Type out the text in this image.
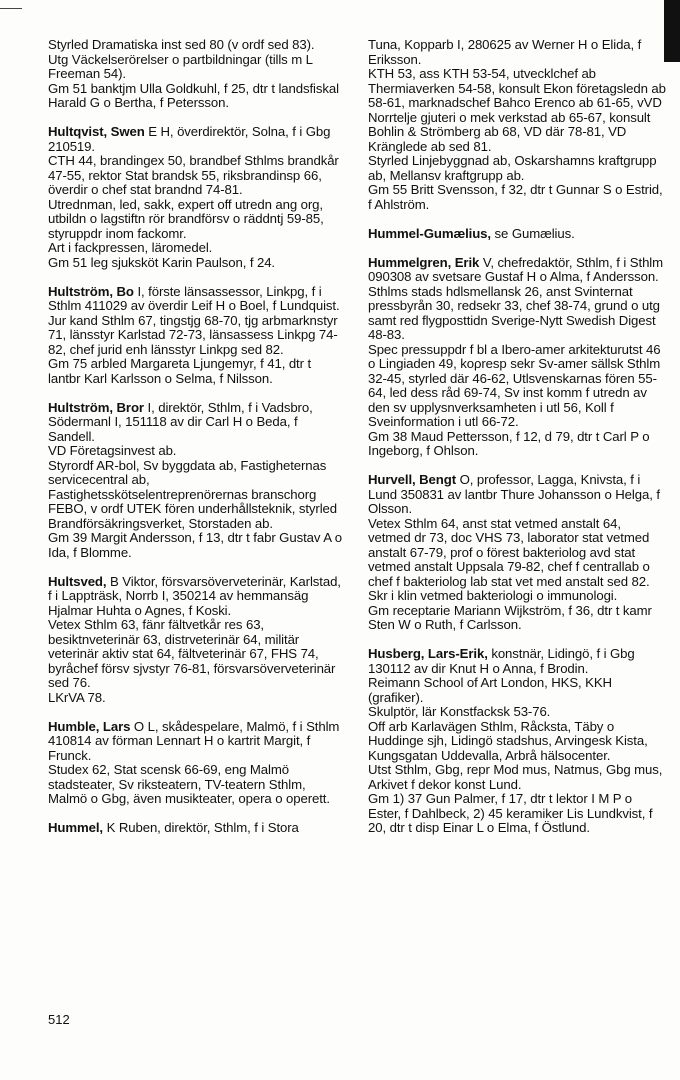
Styrled Dramatiska inst sed 80 (v ordf sed 83).

Utg Väckelserörelser o partbildningar (tills m L Freeman 54).

Gm 51 banktjm Ulla Goldkuhl, f 25, dtr t landsfiskal Harald G o Bertha, f Petersson.

Hultqvist, Swen E H, överdirektör, Solna, f i Gbg 210519.

CTH 44, brandingex 50, brandbef Sthlms brandkår 47-55, rektor Stat brandsk 55, riksbrandinsp 66, överdir o chef stat brandnd 74-81.

Utrednman, led, sakk, expert off utredn ang org, utbildn o lagstiftn rör brandförsv o räddntj 59-85, styruppdr inom fackomr.

Art i fackpressen, läromedel.

Gm 51 leg sjuksköt Karin Paulson, f 24.

Hultström, Bo I, förste länsassessor, Linkpg, f i Sthlm 411029 av överdir Leif H o Boel, f Lundquist.

Jur kand Sthlm 67, tingstjg 68-70, tjg arbmarknstyr 71, länsstyr Karlstad 72-73, länsassess Linkpg 74-82, chef jurid enh länsstyr Linkpg sed 82.

Gm 75 arbled Margareta Ljungemyr, f 41, dtr t lantbr Karl Karlsson o Selma, f Nilsson.

Hultström, Bror I, direktör, Sthlm, f i Vadsbro, Södermanl I, 151118 av dir Carl H o Beda, f Sandell.

VD Företagsinvest ab.

Styrordf AR-bol, Sv byggdata ab, Fastigheternas servicecentral ab, Fastighetsskötselentreprenörernas branschorg FEBO, v ordf UTEK fören underhållsteknik, styrled Brandförsäkringsverket, Storstaden ab.

Gm 39 Margit Andersson, f 13, dtr t fabr Gustav A o Ida, f Blomme.

Hultsved, B Viktor, försvarsöverveterinär, Karlstad, f i Lappträsk, Norrb I, 350214 av hemmansäg Hjalmar Huhta o Agnes, f Koski.

Vetex Sthlm 63, fänr fältvetkår res 63, besiktnveterinär 63, distrveterinär 64, militär veterinär aktiv stat 64, fältveterinär 67, FHS 74, byråchef försv sjvstyr 76-81, försvarsöverveterinär sed 76.

LKrVA 78.

Humble, Lars O L, skådespelare, Malmö, f i Sthlm 410814 av förman Lennart H o kartrit Margit, f Frunck.

Studex 62, Stat scensk 66-69, eng Malmö stadsteater, Sv riksteatern, TV-teatern Sthlm, Malmö o Gbg, även musikteater, opera o operett.

Hummel, K Ruben, direktör, Sthlm, f i Stora

Tuna, Kopparb I, 280625 av Werner H o Elida, f Eriksson.

KTH 53, ass KTH 53-54, utvecklchef ab Thermiaverken 54-58, konsult Ekon företagsledn ab 58-61, marknadschef Bahco Erenco ab 61-65, vVD Norrtelje gjuteri o mek verkstad ab 65-67, konsult Bohlin & Strömberg ab 68, VD där 78-81, VD Kränglede ab sed 81.

Styrled Linjebyggnad ab, Oskarshamns kraftgrupp ab, Mellansv kraftgrupp ab.

Gm 55 Britt Svensson, f 32, dtr t Gunnar S o Estrid, f Ahlström.

Hummel-Gumælius, se Gumælius.

Hummelgren, Erik V, chefredaktör, Sthlm, f i Sthlm 090308 av svetsare Gustaf H o Alma, f Andersson.

Sthlms stads hdlsmellansk 26, anst Svinternat pressbyrån 30, redsekr 33, chef 38-74, grund o utg samt red flygposttidn Sverige-Nytt Swedish Digest 48-83.

Spec pressuppdr f bl a Ibero-amer arkitekturutst 46 o Lingiaden 49, kορresp sekr Sv-amer sällsk Sthlm 32-45, styrled där 46-62, Utlsvenskarnas fören 55-64, led dess råd 69-74, Sv inst komm f utredn av den sv upplysnverksamheten i utl 56, Koll f Sveinformation i utl 66-72.

Gm 38 Maud Pettersson, f 12, d 79, dtr t Carl P o Ingeborg, f Ohlson.

Hurvell, Bengt O, professor, Lagga, Knivsta, f i Lund 350831 av lantbr Thure Johansson o Helga, f Olsson.

Vetex Sthlm 64, anst stat vetmed anstalt 64, vetmed dr 73, doc VHS 73, laborator stat vetmed anstalt 67-79, prof o förest bakteriolog avd stat vetmed anstalt Uppsala 79-82, chef f centrallab o chef f bakteriolog lab stat vet med anstalt sed 82.

Skr i klin vetmed bakteriologi o immunologi.

Gm receptarie Mariann Wijkström, f 36, dtr t kamr Sten W o Ruth, f Carlsson.

Husberg, Lars-Erik, konstnär, Lidingö, f i Gbg 130112 av dir Knut H o Anna, f Brodin.

Reimann School of Art London, HKS, KKH (grafiker).

Skulptör, lär Konstfacksk 53-76.

Off arb Karlavägen Sthlm, Råcksta, Täby o Huddinge sjh, Lidingö stadshus, Arvingesk Kista, Kungsgatan Uddevalla, Arbrå hälsocenter.

Utst Sthlm, Gbg, repr Mod mus, Natmus, Gbg mus, Arkivet f dekor konst Lund.

Gm 1) 37 Gun Palmer, f 17, dtr t lektor I M P o Ester, f Dahlbeck, 2) 45 keramiker Lis Lundkvist, f 20, dtr t disp Einar L o Elma, f Östlund.

512
